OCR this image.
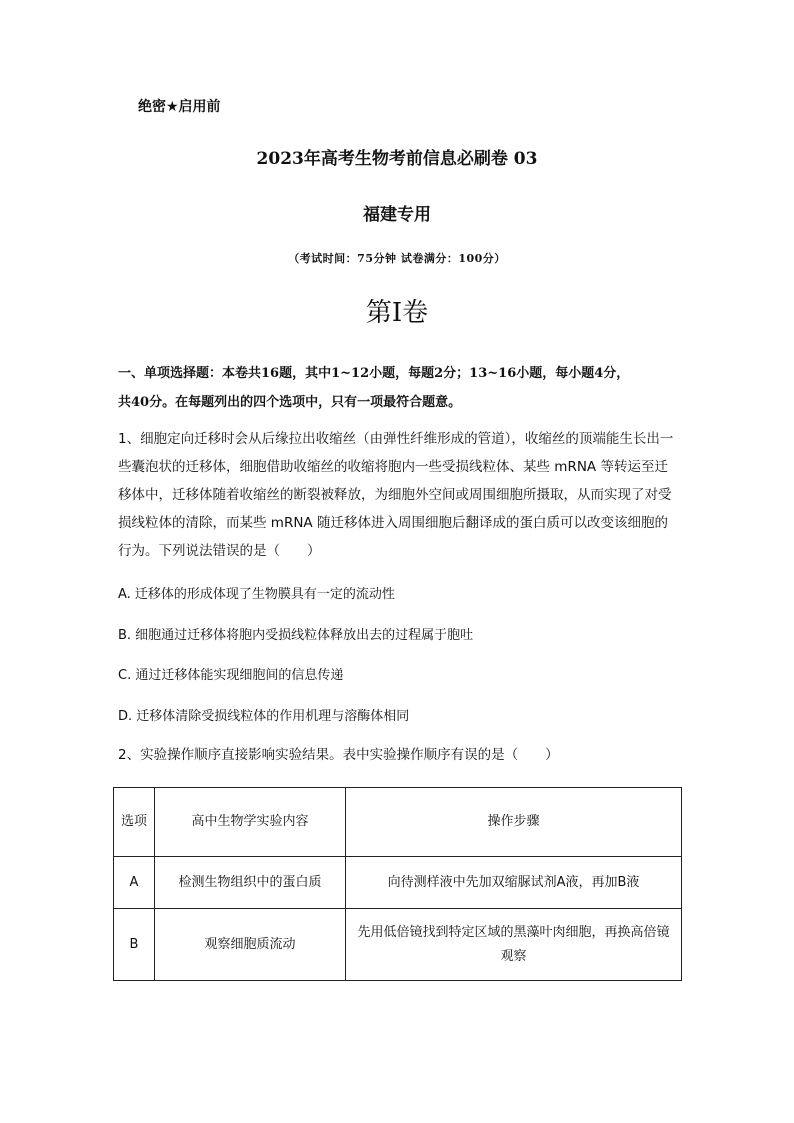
绝密★启用前
2023年高考生物考前信息必刷卷 03
福建专用
（考试时间：75分钟 试卷满分：100分）
第I卷
一、单项选择题：本卷共16题，其中1~12小题，每题2分；13~16小题，每小题4分，
共40分。在每题列出的四个选项中，只有一项最符合题意。
1、细胞定向迁移时会从后缘拉出收缩丝（由弹性纤维形成的管道），收缩丝的顶端能生长出一些囊泡状的迁移体，细胞借助收缩丝的收缩将胞内一些受损线粒体、某些 mRNA 等转运至迁移体中，迁移体随着收缩丝的断裂被释放，为细胞外空间或周围细胞所摄取，从而实现了对受损线粒体的清除，而某些 mRNA 随迁移体进入周围细胞后翻译成的蛋白质可以改变该细胞的行为。下列说法错误的是（　　）
A. 迁移体的形成体现了生物膜具有一定的流动性
B. 细胞通过迁移体将胞内受损线粒体释放出去的过程属于胞吐
C. 通过迁移体能实现细胞间的信息传递
D. 迁移体清除受损线粒体的作用机理与溶酶体相同
2、实验操作顺序直接影响实验结果。表中实验操作顺序有误的是（　　）
选项	高中生物学实验内容	操作步骤
A	检测生物组织中的蛋白质	向待测样液中先加双缩脲试剂A液，再加B液
B	观察细胞质流动	先用低倍镜找到特定区域的黑藻叶肉细胞，再换高倍镜观察
